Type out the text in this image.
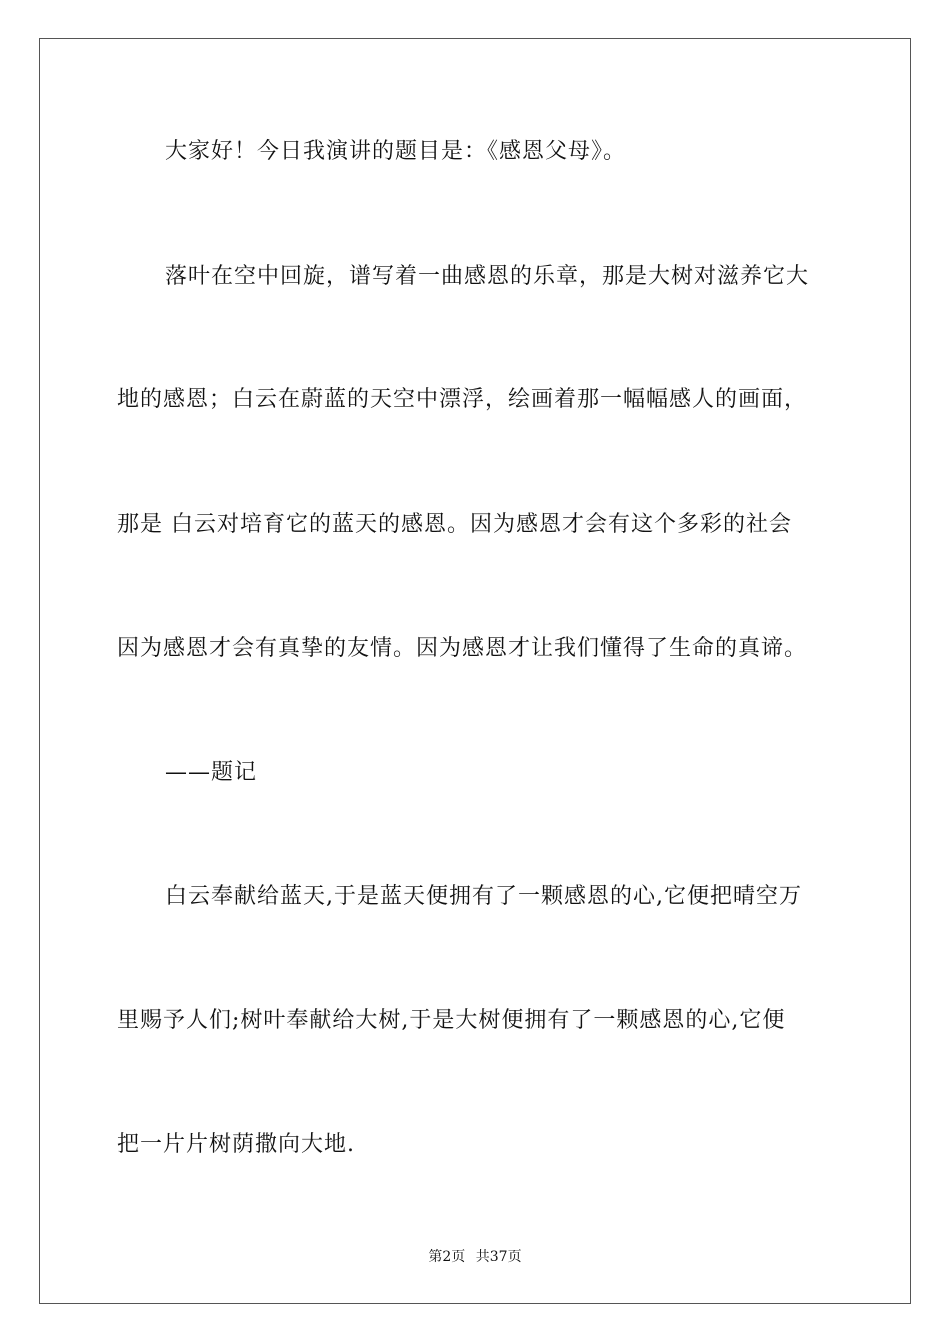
大家好！今日我演讲的题目是：《感恩父母》。
落叶在空中回旋，谱写着一曲感恩的乐章，那是大树对滋养它大
地的感恩；白云在蔚蓝的天空中漂浮，绘画着那一幅幅感人的画面，
那是 白云对培育它的蓝天的感恩。因为感恩才会有这个多彩的社会
因为感恩才会有真挚的友情。因为感恩才让我们懂得了生命的真谛。
——题记
白云奉献给蓝天,于是蓝天便拥有了一颗感恩的心,它便把晴空万
里赐予人们;树叶奉献给大树,于是大树便拥有了一颗感恩的心,它便
把一片片树荫撒向大地.
第2页 共37页
